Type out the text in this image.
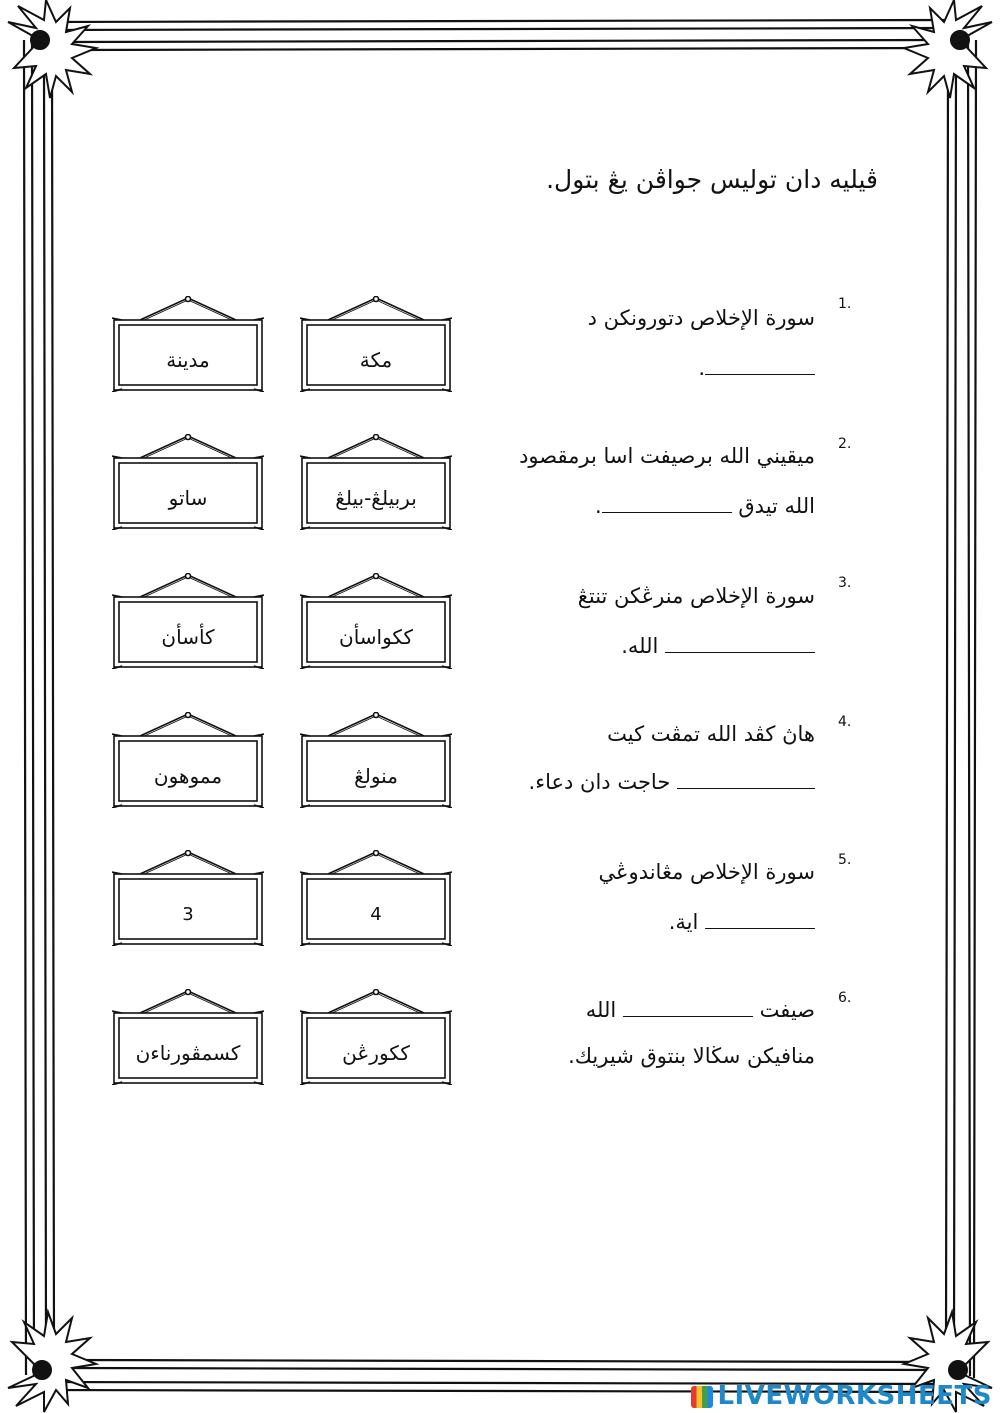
ڤيليه دان توليس جواڤن يڠ بتول.
1.
سورة الإخلاص دتورونكن د
.
2.
ميقيني الله برصيفت اسا برمقصود
الله تيدق .
3.
سورة الإخلاص منرڠكن تنتڠ
الله.
4.
هاڽ كڤد الله تمڤت كيت
حاجت دان دعاء.
5.
سورة الإخلاص مڠاندوڠي
اية.
6.
صيفت  الله
منافيكن سڬالا بنتوق شيريك.
مدينة	مكة
ساتو	بربيلڠ-بيلڠ
كأسأن	ككواسأن
مموهون	منولڠ
3	4
كسمڤورناءن	ككورڠن
LIVEWORKSHEETS
